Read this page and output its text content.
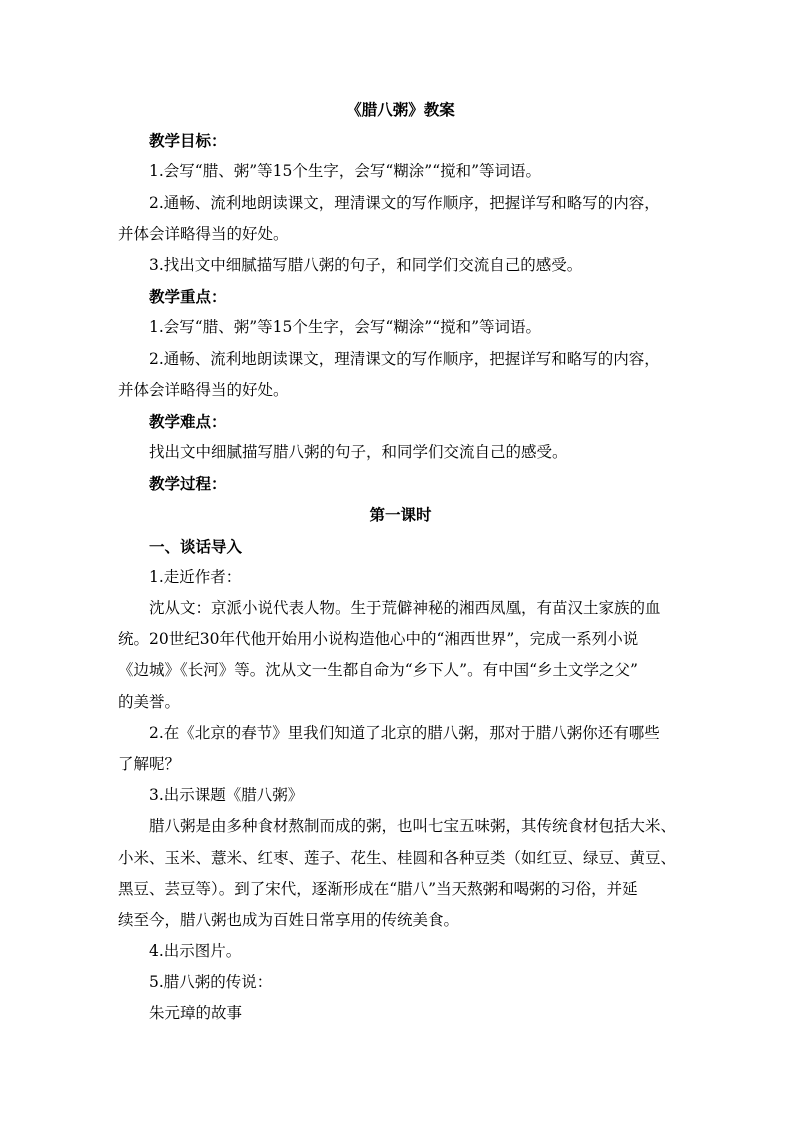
《腊八粥》教案
教学目标：
1.会写“腊、粥”等15个生字，会写“糊涂”“搅和”等词语。
2.通畅、流利地朗读课文，理清课文的写作顺序，把握详写和略写的内容，
并体会详略得当的好处。
3.找出文中细腻描写腊八粥的句子，和同学们交流自己的感受。
教学重点：
1.会写“腊、粥”等15个生字，会写“糊涂”“搅和”等词语。
2.通畅、流利地朗读课文，理清课文的写作顺序，把握详写和略写的内容，
并体会详略得当的好处。
教学难点：
找出文中细腻描写腊八粥的句子，和同学们交流自己的感受。
教学过程：
第一课时
一、谈话导入
1.走近作者：
沈从文：京派小说代表人物。生于荒僻神秘的湘西凤凰，有苗汉土家族的血
统。20世纪30年代他开始用小说构造他心中的“湘西世界”，完成一系列小说
《边城》《长河》等。沈从文一生都自命为“乡下人”。有中国“乡土文学之父”
的美誉。
2.在《北京的春节》里我们知道了北京的腊八粥，那对于腊八粥你还有哪些
了解呢？
3.出示课题《腊八粥》
腊八粥是由多种食材熬制而成的粥，也叫七宝五味粥，其传统食材包括大米、
小米、玉米、薏米、红枣、莲子、花生、桂圆和各种豆类（如红豆、绿豆、黄豆、
黑豆、芸豆等）。到了宋代，逐渐形成在“腊八”当天熬粥和喝粥的习俗，并延
续至今，腊八粥也成为百姓日常享用的传统美食。
4.出示图片。
5.腊八粥的传说：
朱元璋的故事
